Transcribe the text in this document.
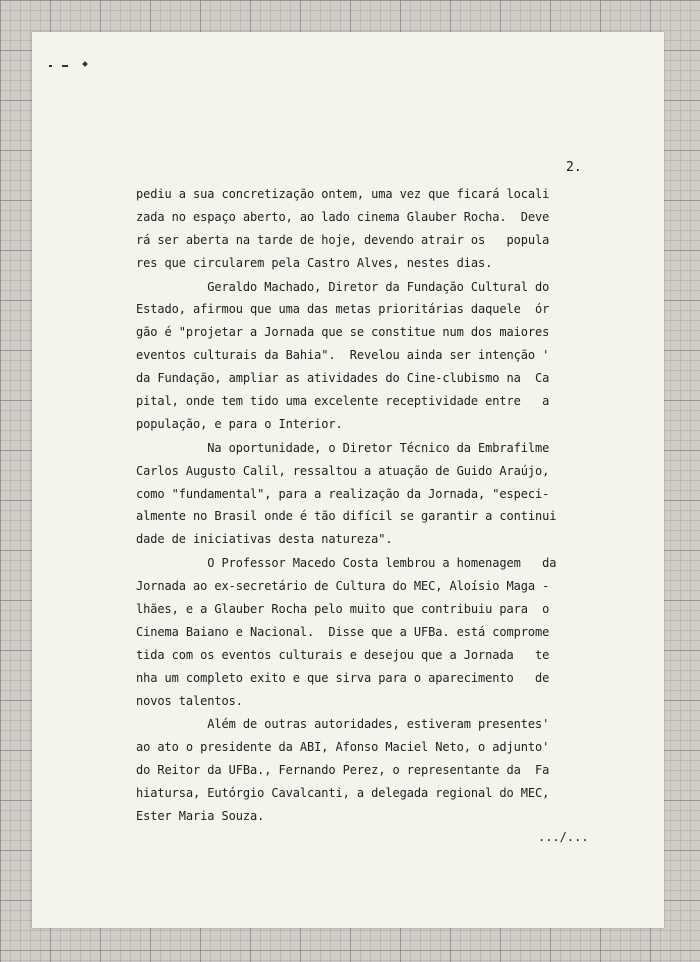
2.
pediu a sua concretização ontem, uma vez que ficará locali
zada no espaço aberto, ao lado cinema Glauber Rocha.  Deve
rá ser aberta na tarde de hoje, devendo atrair os   popula
res que circularem pela Castro Alves, nestes dias.
Geraldo Machado, Diretor da Fundação Cultural do
Estado, afirmou que uma das metas prioritárias daquele  ór
gão é "projetar a Jornada que se constitue num dos maiores
eventos culturais da Bahia".  Revelou ainda ser intenção '
da Fundação, ampliar as atividades do Cine-clubismo na  Ca
pital, onde tem tido uma excelente receptividade entre   a
população, e para o Interior.
Na oportunidade, o Diretor Técnico da Embrafilme
Carlos Augusto Calil, ressaltou a atuação de Guido Araújo,
como "fundamental", para a realização da Jornada, "especi-
almente no Brasil onde é tão difícil se garantir a continui
dade de iniciativas desta natureza".
O Professor Macedo Costa lembrou a homenagem   da
Jornada ao ex-secretário de Cultura do MEC, Aloísio Maga -
lhães, e a Glauber Rocha pelo muito que contribuiu para  o
Cinema Baiano e Nacional.  Disse que a UFBa. está comprome
tida com os eventos culturais e desejou que a Jornada   te
nha um completo exito e que sirva para o aparecimento   de
novos talentos.
Além de outras autoridades, estiveram presentes'
ao ato o presidente da ABI, Afonso Maciel Neto, o adjunto'
do Reitor da UFBa., Fernando Perez, o representante da  Fa
hiatursa, Eutórgio Cavalcanti, a delegada regional do MEC,
Ester Maria Souza.
.../...
